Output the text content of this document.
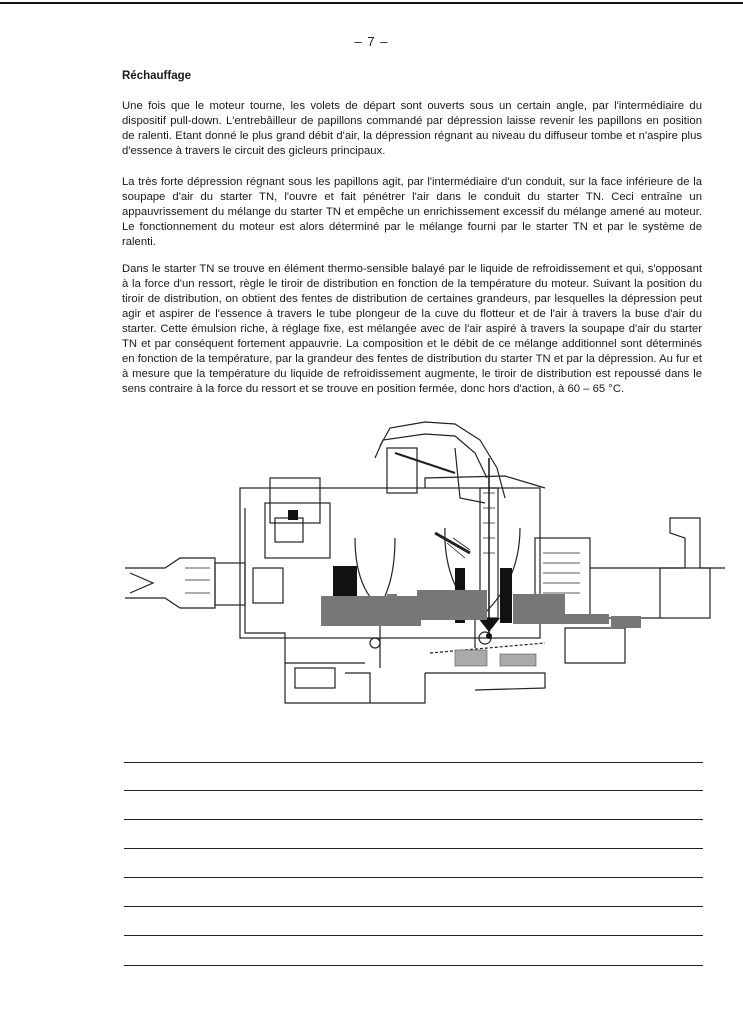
– 7 –
Réchauffage

Une fois que le moteur tourne, les volets de départ sont ouverts sous un certain angle, par l'intermédiaire du dispositif pull-down. L'entrebâilleur de papillons commandé par dépression laisse revenir les papillons en position de ralenti. Etant donné le plus grand débit d'air, la dépression régnant au niveau du diffuseur tombe et n'aspire plus d'essence à travers le circuit des gicleurs principaux.

La très forte dépression régnant sous les papillons agit, par l'intermédiaire d'un conduit, sur la face inférieure de la soupape d'air du starter TN, l'ouvre et fait pénétrer l'air dans le conduit du starter TN. Ceci entraîne un appauvrissement du mélange du starter TN et empêche un enrichissement excessif du mélange amené au moteur. Le fonctionnement du moteur est alors déterminé par le mélange fourni par le starter TN et par le système de ralenti.

Dans le starter TN se trouve en élément thermo-sensible balayé par le liquide de refroidissement et qui, s'opposant à la force d'un ressort, règle le tiroir de distribution en fonction de la température du moteur. Suivant la position du tiroir de distribution, on obtient des fentes de distribution de certaines grandeurs, par lesquelles la dépression peut agir et aspirer de l'essence à travers le tube plongeur de la cuve du flotteur et de l'air à travers la buse d'air du starter. Cette émulsion riche, à réglage fixe, est mélangée avec de l'air aspiré à travers la soupape d'air du starter TN et par conséquent fortement appauvrie. La composition et le débit de ce mélange additionnel sont déterminés en fonction de la température, par la grandeur des fentes de distribution du starter TN et par la dépression. Au fur et à mesure que la température du liquide de refroidissement augmente, le tiroir de distribution est repoussé dans le sens contraire à la force du ressort et se trouve en position fermée, donc hors d'action, à 60 – 65 °C.
